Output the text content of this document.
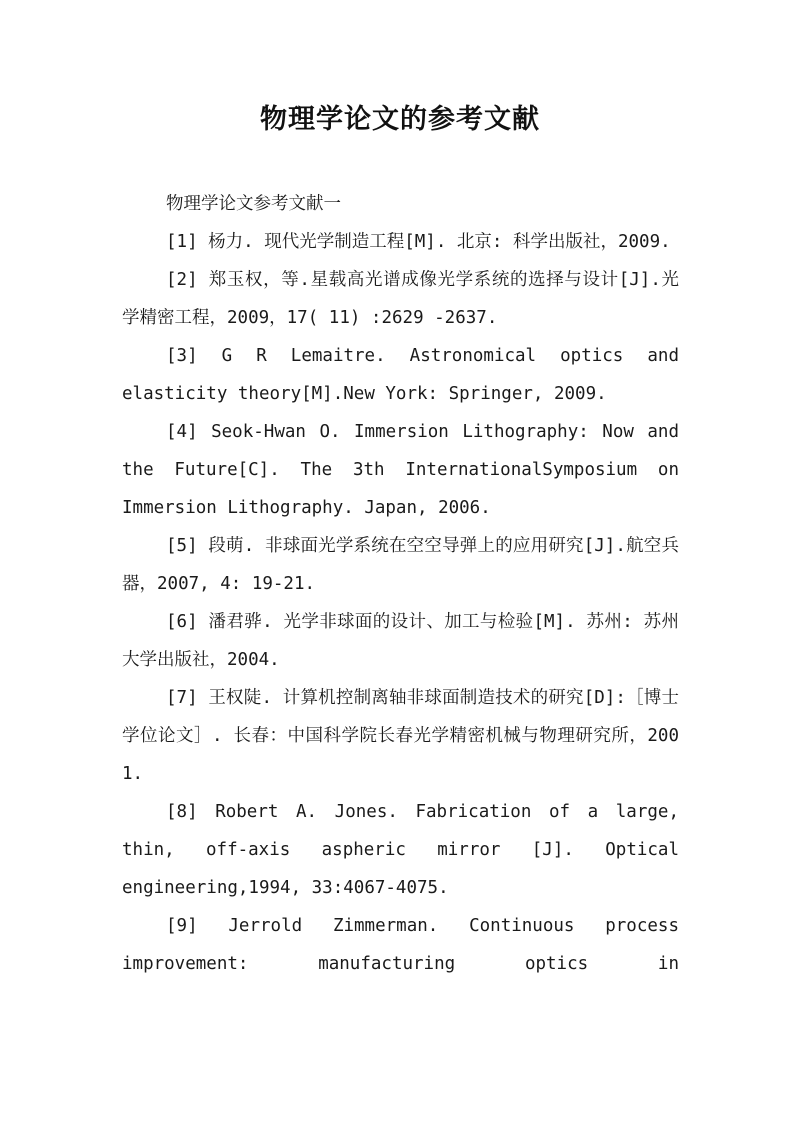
物理学论文的参考文献

物理学论文参考文献一

[1] 杨力. 现代光学制造工程[M]. 北京: 科学出版社，2009.

[2] 郑玉权，等.星载高光谱成像光学系统的选择与设计[J].光学精密工程，2009，17( 11) :2629 -2637.

[3] G R Lemaitre. Astronomical optics and elasticity theory[M].New York: Springer, 2009.

[4] Seok-Hwan O. Immersion Lithography: Now and the Future[C]. The 3th InternationalSymposium on Immersion Lithography. Japan, 2006.

[5] 段萌. 非球面光学系统在空空导弹上的应用研究[J].航空兵器，2007, 4: 19-21.

[6] 潘君骅. 光学非球面的设计、加工与检验[M]. 苏州: 苏州大学出版社，2004.

[7] 王权陡. 计算机控制离轴非球面制造技术的研究[D]:［博士学位论文］. 长春：中国科学院长春光学精密机械与物理研究所，2001.

[8] Robert A. Jones. Fabrication of a large, thin, off-axis aspheric mirror [J]. Optical engineering,1994, 33:4067-4075.

[9] Jerrold Zimmerman. Continuous process improvement: manufacturing optics in
